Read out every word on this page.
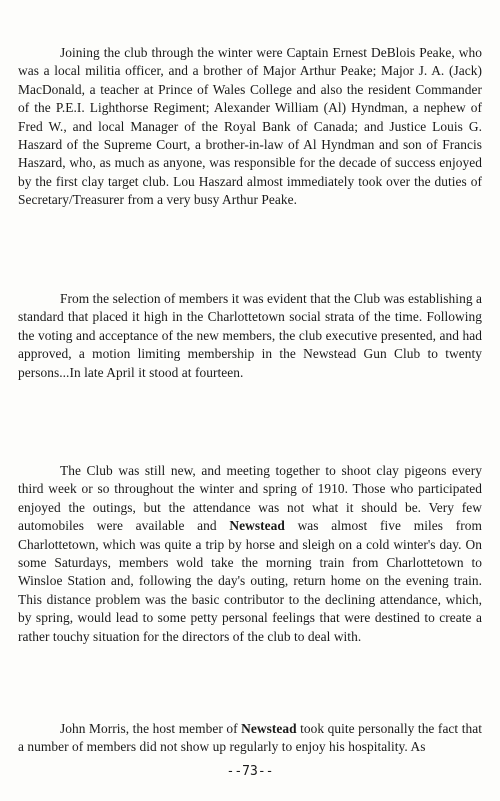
Joining the club through the winter were Captain Ernest DeBlois Peake, who was a local militia officer, and a brother of Major Arthur Peake; Major J. A. (Jack) MacDonald, a teacher at Prince of Wales College and also the resident Commander of the P.E.I. Lighthorse Regiment; Alexander William (Al) Hyndman, a nephew of Fred W., and local Manager of the Royal Bank of Canada; and Justice Louis G. Haszard of the Supreme Court, a brother-in-law of Al Hyndman and son of Francis Haszard, who, as much as anyone, was responsible for the decade of success enjoyed by the first clay target club. Lou Haszard almost immediately took over the duties of Secretary/Treasurer from a very busy Arthur Peake.

From the selection of members it was evident that the Club was establishing a standard that placed it high in the Charlottetown social strata of the time. Following the voting and acceptance of the new members, the club executive presented, and had approved, a motion limiting membership in the Newstead Gun Club to twenty persons...In late April it stood at fourteen.

The Club was still new, and meeting together to shoot clay pigeons every third week or so throughout the winter and spring of 1910. Those who participated enjoyed the outings, but the attendance was not what it should be. Very few automobiles were available and Newstead was almost five miles from Charlottetown, which was quite a trip by horse and sleigh on a cold winter's day. On some Saturdays, members wold take the morning train from Charlottetown to Winsloe Station and, following the day's outing, return home on the evening train. This distance problem was the basic contributor to the declining attendance, which, by spring, would lead to some petty personal feelings that were destined to create a rather touchy situation for the directors of the club to deal with.

John Morris, the host member of Newstead took quite personally the fact that a number of members did not show up regularly to enjoy his hospitality. As

--73--
